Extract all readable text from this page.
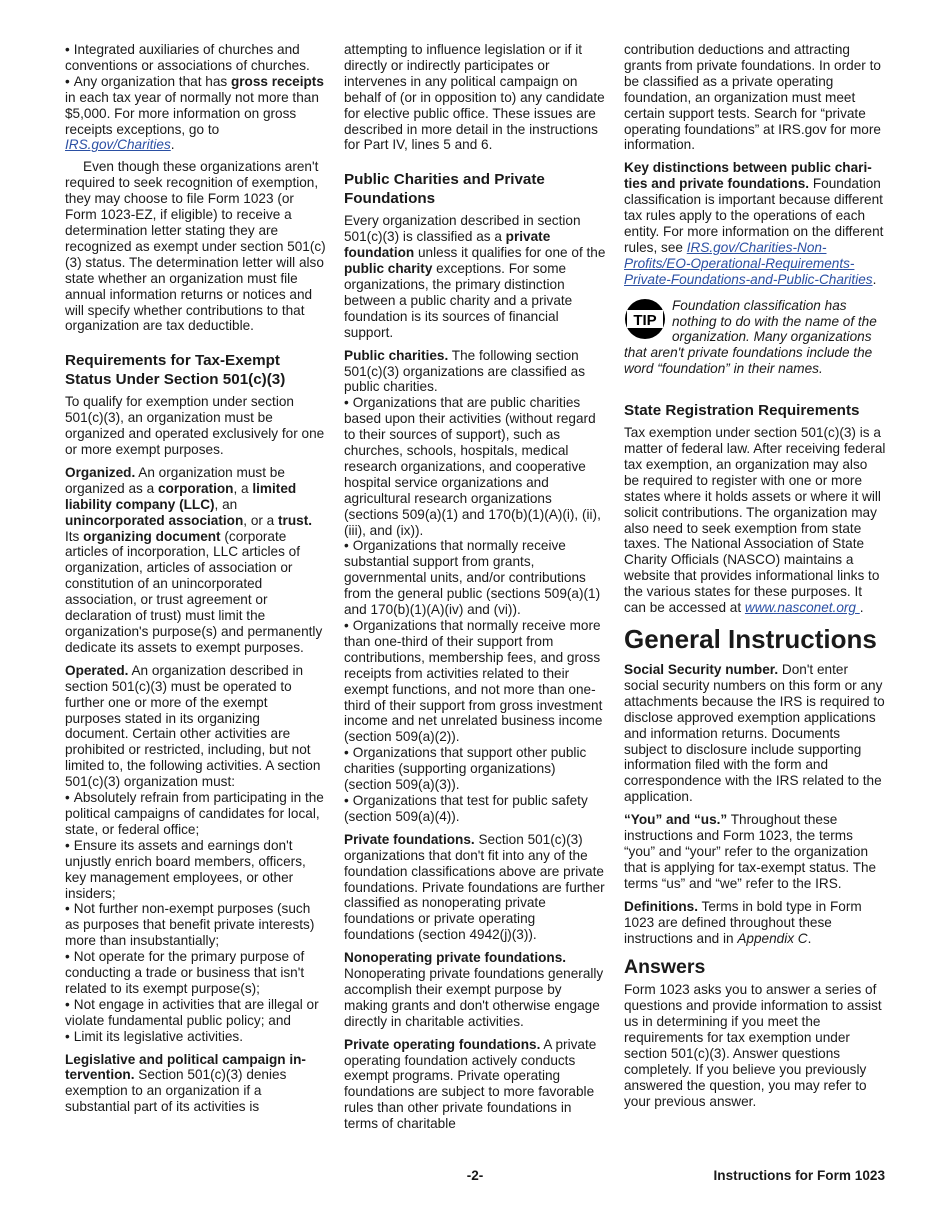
• Integrated auxiliaries of churches and conventions or associations of churches.

• Any organization that has gross receipts in each tax year of normally not more than $5,000. For more information on gross receipts exceptions, go to IRS.gov/Charities.

Even though these organizations aren't required to seek recognition of exemption, they may choose to file Form 1023 (or Form 1023-EZ, if eligible) to receive a determination letter stating they are recognized as exempt under section 501(c)(3) status. The determination letter will also state whether an organization must file annual information returns or notices and will specify whether contributions to that organization are tax deductible.

Requirements for Tax-Exempt Status Under Section 501(c)(3)

To qualify for exemption under section 501(c)(3), an organization must be organized and operated exclusively for one or more exempt purposes.

Organized. An organization must be organized as a corporation, a limited liability company (LLC), an unincorporated association, or a trust. Its organizing document (corporate articles of incorporation, LLC articles of organization, articles of association or constitution of an unincorporated association, or trust agreement or declaration of trust) must limit the organization's purpose(s) and permanently dedicate its assets to exempt purposes.

Operated. An organization described in section 501(c)(3) must be operated to further one or more of the exempt purposes stated in its organizing document. Certain other activities are prohibited or restricted, including, but not limited to, the following activities. A section 501(c)(3) organization must:

• Absolutely refrain from participating in the political campaigns of candidates for local, state, or federal office;

• Ensure its assets and earnings don't unjustly enrich board members, officers, key management employees, or other insiders;

• Not further non-exempt purposes (such as purposes that benefit private interests) more than insubstantially;

• Not operate for the primary purpose of conducting a trade or business that isn't related to its exempt purpose(s);

• Not engage in activities that are illegal or violate fundamental public policy; and

• Limit its legislative activities.

Legislative and political campaign in-tervention. Section 501(c)(3) denies exemption to an organization if a substantial part of its activities is

attempting to influence legislation or if it directly or indirectly participates or intervenes in any political campaign on behalf of (or in opposition to) any candidate for elective public office. These issues are described in more detail in the instructions for Part IV, lines 5 and 6.

Public Charities and Private Foundations

Every organization described in section 501(c)(3) is classified as a private foundation unless it qualifies for one of the public charity exceptions. For some organizations, the primary distinction between a public charity and a private foundation is its sources of financial support.

Public charities. The following section 501(c)(3) organizations are classified as public charities.

• Organizations that are public charities based upon their activities (without regard to their sources of support), such as churches, schools, hospitals, medical research organizations, and cooperative hospital service organizations and agricultural research organizations (sections 509(a)(1) and 170(b)(1)(A)(i), (ii), (iii), and (ix)).

• Organizations that normally receive substantial support from grants, governmental units, and/or contributions from the general public (sections 509(a)(1) and 170(b)(1)(A)(iv) and (vi)).

• Organizations that normally receive more than one-third of their support from contributions, membership fees, and gross receipts from activities related to their exempt functions, and not more than one-third of their support from gross investment income and net unrelated business income (section 509(a)(2)).

• Organizations that support other public charities (supporting organizations) (section 509(a)(3)).

• Organizations that test for public safety (section 509(a)(4)).

Private foundations. Section 501(c)(3) organizations that don't fit into any of the foundation classifications above are private foundations. Private foundations are further classified as nonoperating private foundations or private operating foundations (section 4942(j)(3)).

Nonoperating private foundations. Nonoperating private foundations generally accomplish their exempt purpose by making grants and don't otherwise engage directly in charitable activities.

Private operating foundations. A private operating foundation actively conducts exempt programs. Private operating foundations are subject to more favorable rules than other private foundations in terms of charitable

contribution deductions and attracting grants from private foundations. In order to be classified as a private operating foundation, an organization must meet certain support tests. Search for “private operating foundations” at IRS.gov for more information.

Key distinctions between public chari-ties and private foundations. Foundation classification is important because different tax rules apply to the operations of each entity. For more information on the different rules, see IRS.gov/Charities-Non-Profits/EO-Operational-Requirements-Private-Foundations-and-Public-Charities.

TIP
Foundation classification has nothing to do with the name of the organization. Many organizations that aren't private foundations include the word “foundation” in their names.
State Registration Requirements

Tax exemption under section 501(c)(3) is a matter of federal law. After receiving federal tax exemption, an organization may also be required to register with one or more states where it holds assets or where it will solicit contributions. The organization may also need to seek exemption from state taxes. The National Association of State Charity Officials (NASCO) maintains a website that provides informational links to the various states for these purposes. It can be accessed at www.nasconet.org .

General Instructions

Social Security number. Don't enter social security numbers on this form or any attachments because the IRS is required to disclose approved exemption applications and information returns. Documents subject to disclosure include supporting information filed with the form and correspondence with the IRS related to the application.

“You” and “us.” Throughout these instructions and Form 1023, the terms “you” and “your” refer to the organization that is applying for tax-exempt status. The terms “us” and “we” refer to the IRS.

Definitions. Terms in bold type in Form 1023 are defined throughout these instructions and in Appendix C.

Answers

Form 1023 asks you to answer a series of questions and provide information to assist us in determining if you meet the requirements for tax exemption under section 501(c)(3). Answer questions completely. If you believe you previously answered the question, you may refer to your previous answer.

-2-	Instructions for Form 1023
